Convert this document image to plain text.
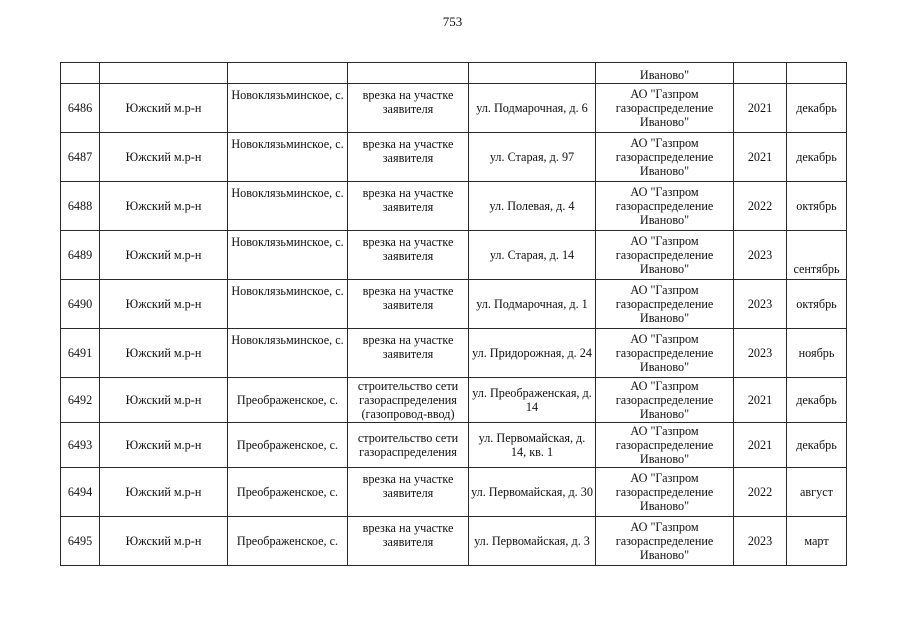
753
					Иваново"		
6486	Южский м.р-н	Новоклязьминское, с.	врезка на участке заявителя	ул. Подмарочная, д. 6	АО "Газпром газораспределение Иваново"	2021	декабрь
6487	Южский м.р-н	Новоклязьминское, с.	врезка на участке заявителя	ул. Старая, д. 97	АО "Газпром газораспределение Иваново"	2021	декабрь
6488	Южский м.р-н	Новоклязьминское, с.	врезка на участке заявителя	ул. Полевая, д. 4	АО "Газпром газораспределение Иваново"	2022	октябрь
6489	Южский м.р-н	Новоклязьминское, с.	врезка на участке заявителя	ул. Старая, д. 14	АО "Газпром газораспределение Иваново"	2023	сентябрь
6490	Южский м.р-н	Новоклязьминское, с.	врезка на участке заявителя	ул. Подмарочная, д. 1	АО "Газпром газораспределение Иваново"	2023	октябрь
6491	Южский м.р-н	Новоклязьминское, с.	врезка на участке заявителя	ул. Придорожная, д. 24	АО "Газпром газораспределение Иваново"	2023	ноябрь
6492	Южский м.р-н	Преображенское, с.	строительство сети газораспределения (газопровод-ввод)	ул. Преображенская, д. 14	АО "Газпром газораспределение Иваново"	2021	декабрь
6493	Южский м.р-н	Преображенское, с.	строительство сети газораспределения	ул. Первомайская, д. 14, кв. 1	АО "Газпром газораспределение Иваново"	2021	декабрь
6494	Южский м.р-н	Преображенское, с.	врезка на участке заявителя	ул. Первомайская, д. 30	АО "Газпром газораспределение Иваново"	2022	август
6495	Южский м.р-н	Преображенское, с.	врезка на участке заявителя	ул. Первомайская, д. 3	АО "Газпром газораспределение Иваново"	2023	март
